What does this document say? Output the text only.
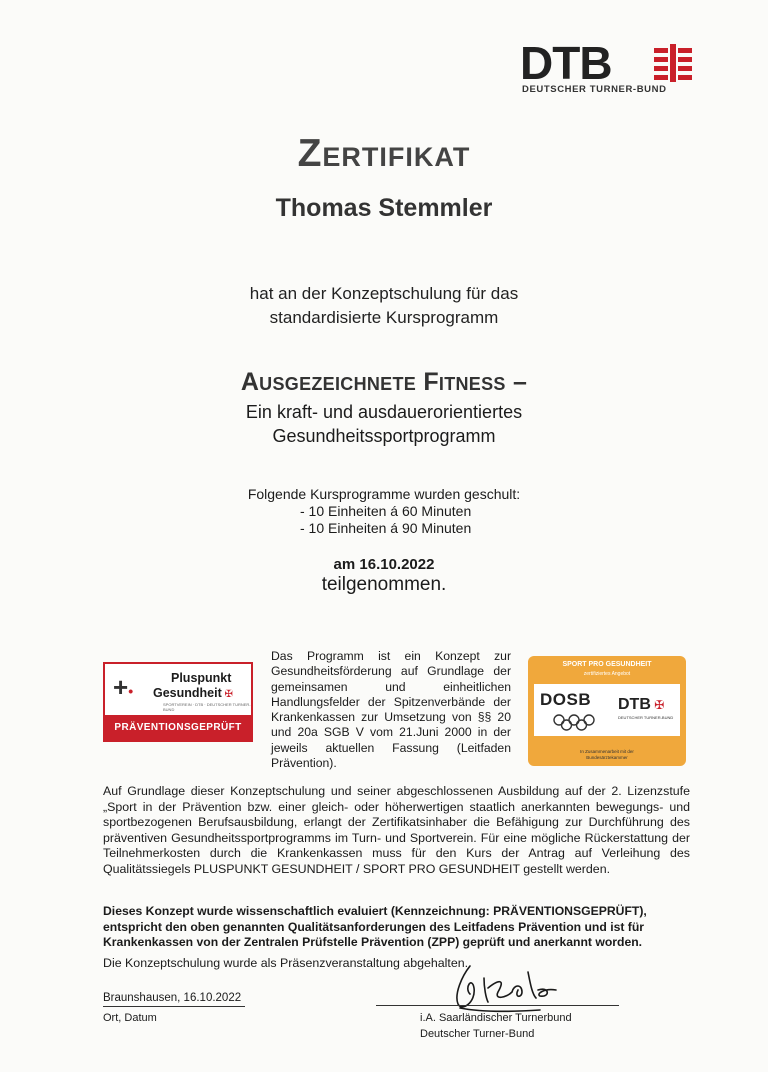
DTB
DEUTSCHER TURNER-BUND
Zertifikat
Thomas Stemmler
hat an der Konzeptschulung für das
standardisierte Kursprogramm
Ausgezeichnete Fitness –
Ein kraft- und ausdauerorientiertes
Gesundheitssportprogramm
Folgende Kursprogramme wurden geschult:
- 10 Einheiten á 60 Minuten
- 10 Einheiten á 90 Minuten
am 16.10.2022
teilgenommen.
+•
Pluspunkt
Gesundheit ✠
SPORTVEREIN · DTB · DEUTSCHER TURNER-BUND
PRÄVENTIONSGEPRÜFT
Das Programm ist ein Konzept zur Gesundheitsförderung auf Grundlage der gemeinsamen und einheitlichen Handlungsfelder der Spitzenverbände der Krankenkassen zur Umsetzung von §§ 20 und 20a SGB V vom 21.Juni 2000 in der jeweils aktuellen Fassung (Leitfaden Prävention).
SPORT PRO GESUNDHEIT
zertifiziertes Angebot
DOSB DTB ✠
DEUTSCHER TURNER-BUND
In Zusammenarbeit mit der
Bundesärztekammer
Auf Grundlage dieser Konzeptschulung und seiner abgeschlossenen Ausbildung auf der 2. Lizenzstufe „Sport in der Prävention bzw. einer gleich- oder höherwertigen staatlich anerkannten bewegungs- und sportbezogenen Berufsausbildung, erlangt der Zertifikatsinhaber die Befähigung zur Durchführung des präventiven Gesundheitssportprogramms im Turn- und Sportverein. Für eine mögliche Rückerstattung der Teilnehmerkosten durch die Krankenkassen muss für den Kurs der Antrag auf Verleihung des Qualitätssiegels PLUSPUNKT GESUNDHEIT / SPORT PRO GESUNDHEIT gestellt werden.
Dieses Konzept wurde wissenschaftlich evaluiert (Kennzeichnung: PRÄVENTIONSGEPRÜFT), entspricht den oben genannten Qualitätsanforderungen des Leitfadens Prävention und ist für Krankenkassen von der Zentralen Prüfstelle Prävention (ZPP) geprüft und anerkannt worden.
Die Konzeptschulung wurde als Präsenzveranstaltung abgehalten.
Braunshausen, 16.10.2022
Ort, Datum	i.A. Saarländischer Turnerbund
Deutscher Turner-Bund
